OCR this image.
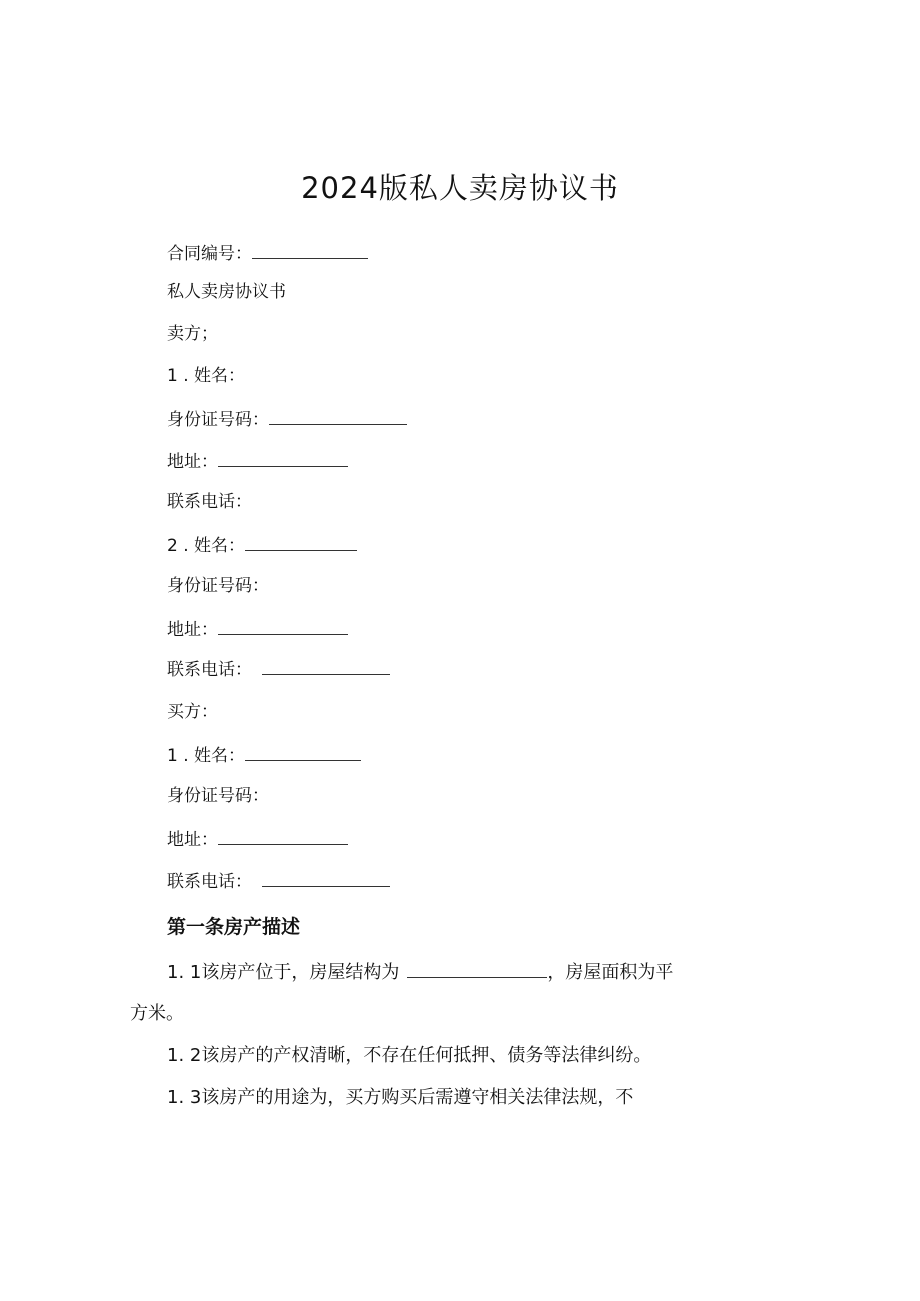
2024版私人卖房协议书
合同编号：
私人卖房协议书
卖方；
1 . 姓名：
身份证号码：
地址：
联系电话：
2 . 姓名：
身份证号码：
地址：
联系电话：
买方：
1 . 姓名：
身份证号码：
地址：
联系电话：
第一条房产描述
1. 1该房产位于，房屋结构为	，房屋面积为平
方米。
1. 2该房产的产权清晰，不存在任何抵押、债务等法律纠纷。
1. 3该房产的用途为，买方购买后需遵守相关法律法规，不
